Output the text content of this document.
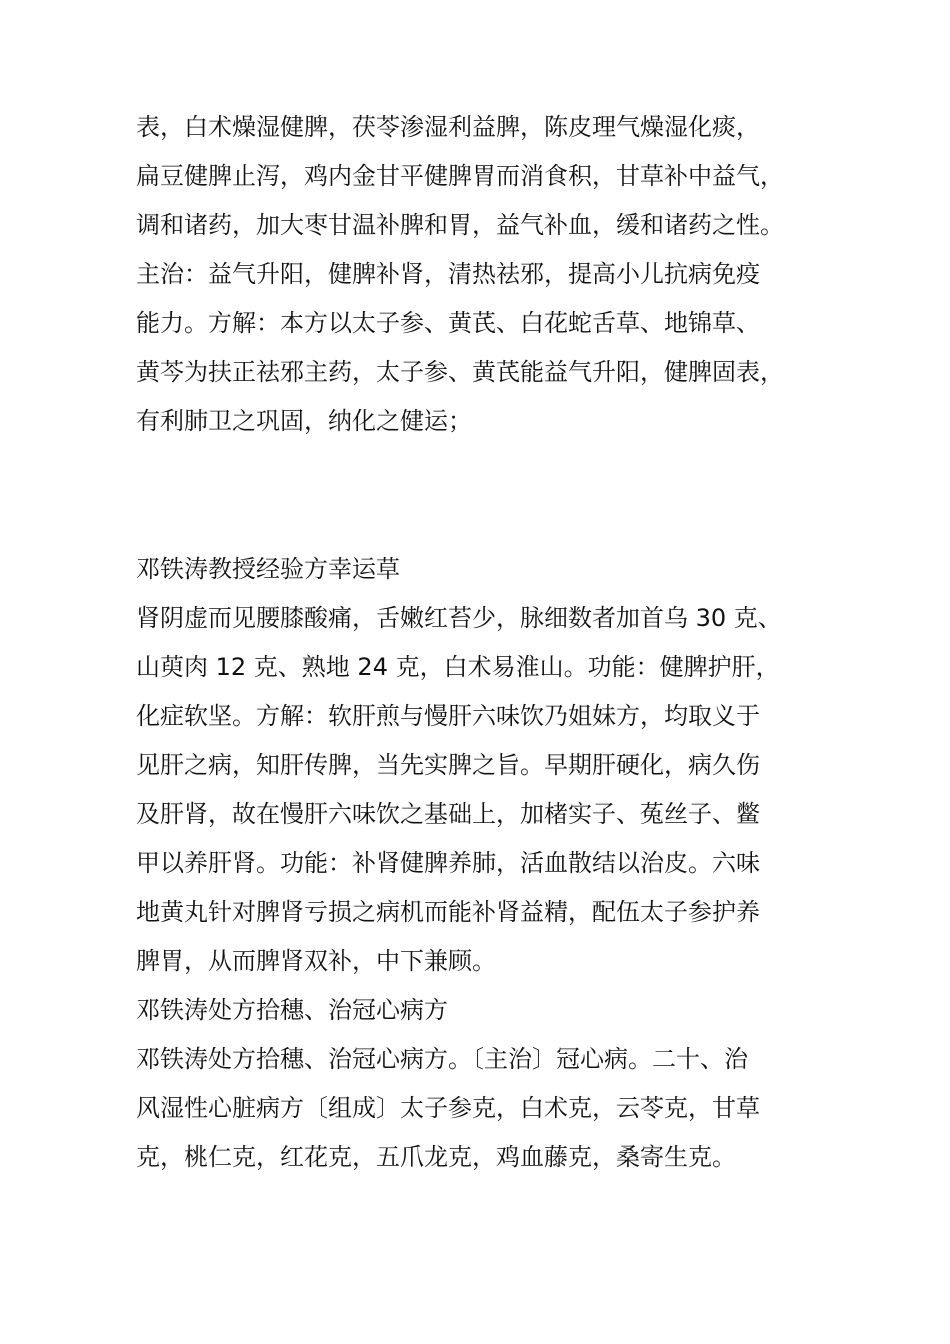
表，白术燥湿健脾，茯苓渗湿利益脾，陈皮理气燥湿化痰，
扁豆健脾止泻，鸡内金甘平健脾胃而消食积，甘草补中益气，
调和诸药，加大枣甘温补脾和胃，益气补血，缓和诸药之性。
主治：益气升阳，健脾补肾，清热祛邪，提高小儿抗病免疫
能力。方解：本方以太子参、黄芪、白花蛇舌草、地锦草、
黄芩为扶正祛邪主药，太子参、黄芪能益气升阳，健脾固表，
有利肺卫之巩固，纳化之健运；
邓铁涛教授经验方幸运草
肾阴虚而见腰膝酸痛，舌嫩红苔少，脉细数者加首乌 30 克、
山萸肉 12 克、熟地 24 克，白术易淮山。功能：健脾护肝，
化症软坚。方解：软肝煎与慢肝六味饮乃姐妹方，均取义于
见肝之病，知肝传脾，当先实脾之旨。早期肝硬化，病久伤
及肝肾，故在慢肝六味饮之基础上，加楮实子、菟丝子、鳖
甲以养肝肾。功能：补肾健脾养肺，活血散结以治皮。六味
地黄丸针对脾肾亏损之病机而能补肾益精，配伍太子参护养
脾胃，从而脾肾双补，中下兼顾。
邓铁涛处方拾穗、治冠心病方
邓铁涛处方拾穗、治冠心病方。〔主治〕冠心病。二十、治
风湿性心脏病方〔组成〕太子参克，白术克，云苓克，甘草
克，桃仁克，红花克，五爪龙克，鸡血藤克，桑寄生克。
